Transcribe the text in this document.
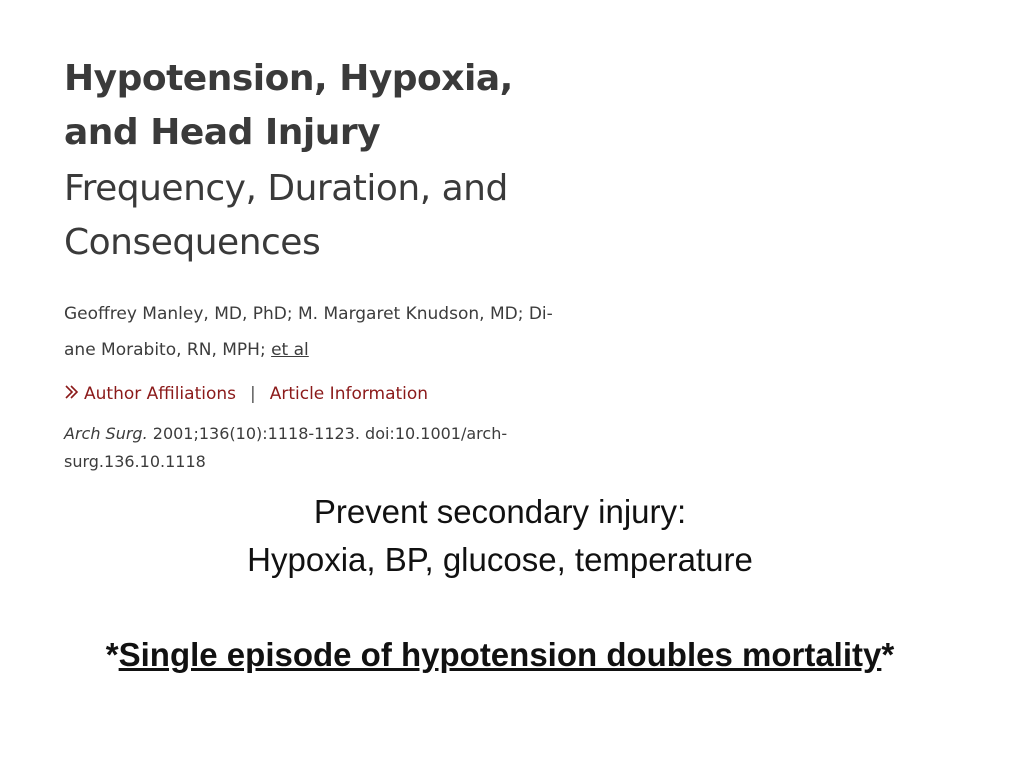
Hypotension, Hypoxia,
and Head Injury
Frequency, Duration, and
Consequences
Geoffrey Manley, MD, PhD; M. Margaret Knudson, MD; Di-
ane Morabito, RN, MPH; et al
Author Affiliations | Article Information
Arch Surg. 2001;136(10):1118-1123. doi:10.1001/arch-
surg.136.10.1118
Prevent secondary injury:
Hypoxia, BP, glucose, temperature
*Single episode of hypotension doubles mortality*
